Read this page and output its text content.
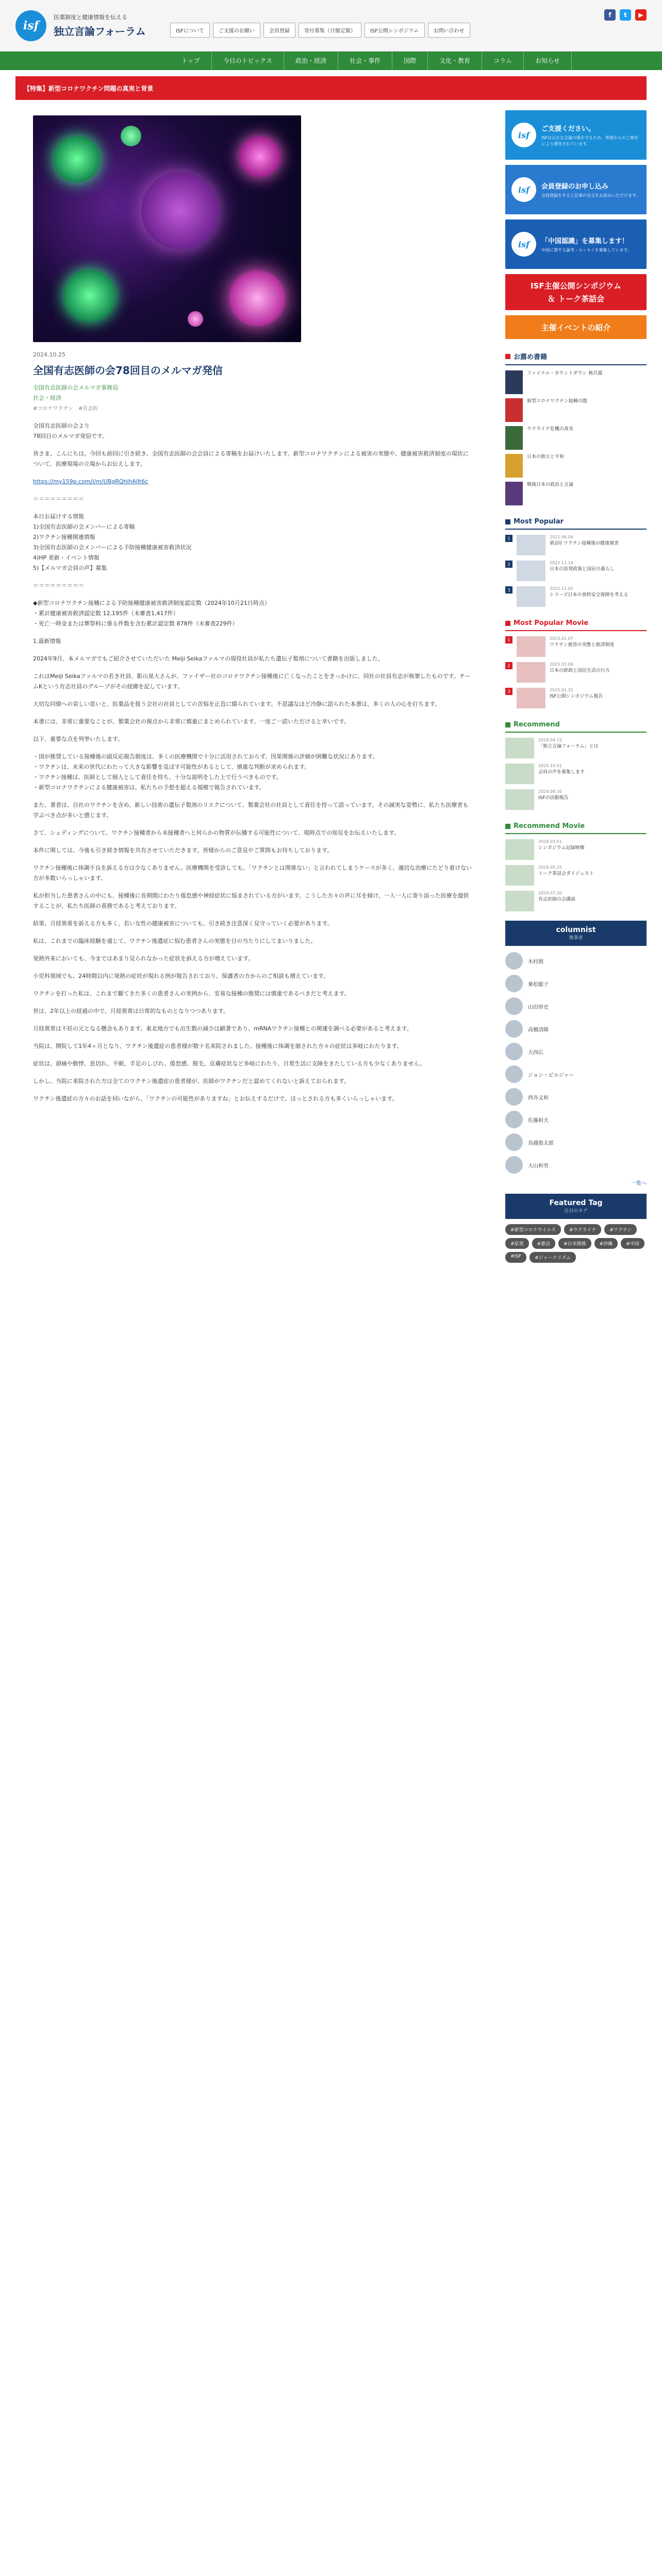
isf
医薬制度と健康情報を伝える
独立言論フォーラム	ISFについて	ご支援のお願い	会員登録	寄付募集（月額定額）	ISF公開シンポジウム	お問い合わせ
f	t	▶
トップ	今日のトピックス	政治・経済	社会・事件	国際	文化・教育	コラム	お知らせ
【特集】新型コロナワクチン問題の真実と背景
2024.10.25
全国有志医師の会78回目のメルマガ発信
全国有志医師の会メルマガ事務局
社会・経済
#コロナワクチン #有志医

全国有志医師の会より
78回目のメルマガ発信です。

皆さま、こんにちは。今回も前回に引き続き、全国有志医師の会会員による寄稿をお届けいたします。新型コロナワクチンによる被害の実態や、健康被害救済制度の現状について、医療現場の立場からお伝えします。

https://my159p.com/l/m/UBgRQhlhAllt6c

＝＝＝＝＝＝＝＝＝

本日お届けする情報
1)全国有志医師の会メンバーによる寄稿
2)ワクチン接種関連情報
3)全国有志医師の会メンバーによる予防接種健康被害救済状況
4)HP 更新・イベント情報
5)【メルマガ会員の声】募集

＝＝＝＝＝＝＝＝＝

◆新型コロナワクチン接種による予防接種健康被害救済制度認定数（2024年10月21日時点）
・累計健康被害救済認定数 12,195件（未審査1,417件）
・死亡一時金または葬祭料に係る件数を含む累計認定数 878件（未審査229件）

1.最新情報

2024年9月、本メルマガでもご紹介させていただいた Meiji Seikaファルマの現役社員が私たち遺伝子製剤について書籍を出版しました。

これはMeiji Seikaファルマの若き社員、影山晃大さんが、ファイザー社のコロナワクチン接種後に亡くなったことをきっかけに、同社の社員有志が執筆したものです。チームKという有志社員のグループがその経緯を記しています。

大切な同僚への哀しい思いと、医薬品を扱う会社の社員としての苦悩を正直に綴られています。不思議なほど冷静に語られた本書は、多くの人の心を打ちます。

本書には、非常に重要なことが、製薬会社の視点から非常に慎重にまとめられています。一度ご一読いただけると幸いです。

以下、重要な点を列挙いたします。

・国が推奨している接種後の副反応報告制度は、多くの医療機関で十分に活用されておらず、因果関係の評価が困難な状況にあります。
・ワクチンは、未来の世代にわたって大きな影響を及ぼす可能性があるとして、慎重な判断が求められます。
・ワクチン接種は、医師として個人として責任を持ち、十分な説明をした上で行うべきものです。
・新型コロナワクチンによる健康被害は、私たちの予想を超える規模で報告されています。

また、著者は、自社のワクチンを含め、新しい技術の遺伝子製剤のリスクについて、製薬会社の社員として責任を持って語っています。その誠実な姿勢に、私たち医療者も学ぶべき点が多いと感じます。

さて、シェディングについて、ワクチン接種者から未接種者へと何らかの物質が伝播する可能性について、現時点での知見をお伝えいたします。

本件に関しては、今後も引き続き情報を共有させていただきます。皆様からのご意見やご質問もお待ちしております。

ワクチン接種後に体調不良を訴える方は少なくありません。医療機関を受診しても、「ワクチンとは関係ない」と言われてしまうケースが多く、適切な治療にたどり着けない方が多数いらっしゃいます。

私が担当した患者さんの中にも、接種後に長期間にわたり倦怠感や神経症状に悩まされている方がいます。こうした方々の声に耳を傾け、一人一人に寄り添った医療を提供することが、私たち医師の責務であると考えております。

結果、月経異常を訴える方も多く、若い女性の健康被害についても、引き続き注意深く見守っていく必要があります。

私は、これまでの臨床経験を通じて、ワクチン後遺症に悩む患者さんの実態を目の当たりにしてまいりました。

発熱外来においても、今まではあまり見られなかった症状を訴える方が増えています。

小児科領域でも、24時間以内に発熱の症状が現れる例が報告されており、保護者の方からのご相談も増えています。

ワクチンを打った私は、これまで観てきた多くの患者さんの実例から、安易な接種の推奨には慎重であるべきだと考えます。

世は、2年以上の経過の中で、月経異常は日常的なものとなりつつあります。

月経異常は不妊の元となる懸念もあります。東北地方でも出生数の減少は顕著であり、mRNAワクチン接種との関連を調べる必要があると考えます。

当院は、開院して1年4ヶ月となり、ワクチン後遺症の患者様が数十名来院されました。接種後に体調を崩された方々の症状は多岐にわたります。

症状は、頭痛や動悸、息切れ、不眠、手足のしびれ、倦怠感、脱毛、皮膚症状など多岐にわたり、日常生活に支障をきたしている方も少なくありません。

しかし、当院に来院された方は全てのワクチン後遺症の患者様が、医師がワクチンだと認めてくれないと訴えておられます。

ワクチン後遺症の方々のお話を伺いながら、「ワクチンの可能性がありますね」とお伝えするだけで、ほっとされる方も多くいらっしゃいます。

isf
ご支援ください。
ISFは公正な言論の場を守るため、皆様からのご寄付により運営されています。
isf	会員登録のお申し込み
会員登録をすると記事の全文をお読みいただけます。
isf	「中国認識」を募集します！
中国に関する論考・エッセイを募集しています。
ISF主催公開シンポジウム
＆ トーク茶話会
主催イベントの紹介
お薦め書籍
ファイナル・カウントダウン 核兵器
新型コロナワクチン接種の闇
ウクライナ危機の真実
日本の独立と平和
戦後日本の政治と言論
Most Popular
1	2022.06.04
第2回 ワクチン接種後の健康被害
2	2022.11.14
日本の原発政策と国民の暮らし
3	2022.12.02
シリーズ日本の食料安全保障を考える
Most Popular Movie
1	2023.01.07
ワクチン被害の実態と救済制度
2	2023.01.06
日本の財政と国民生活の行方
3	2025.01.31
ISF公開シンポジウム報告
Recommend
2018.04.15
「独立言論フォーラム」とは
2024.10.01
会員の声を募集します
2024.08.10
ISFの活動報告
Recommend Movie
2024.03.01
シンポジウム記録映像
2024.05.15
トーク茶話会ダイジェスト
2024.07.20
有志医師の会講演
columnist
執筆者
木村朗
乗松聡子
山田厚史
高橋清隆
大西広
ジョン・ピルジャー
西谷文和
佐藤和夫
鳥越俊太郎
大山和男
一覧へ
Featured Tag
注目のタグ
#新型コロナウイルス	#ウクライナ	#ワクチン
#原発	#憲法	#日米関係	#沖縄	#中国
#ISF	#ジャーナリズム
